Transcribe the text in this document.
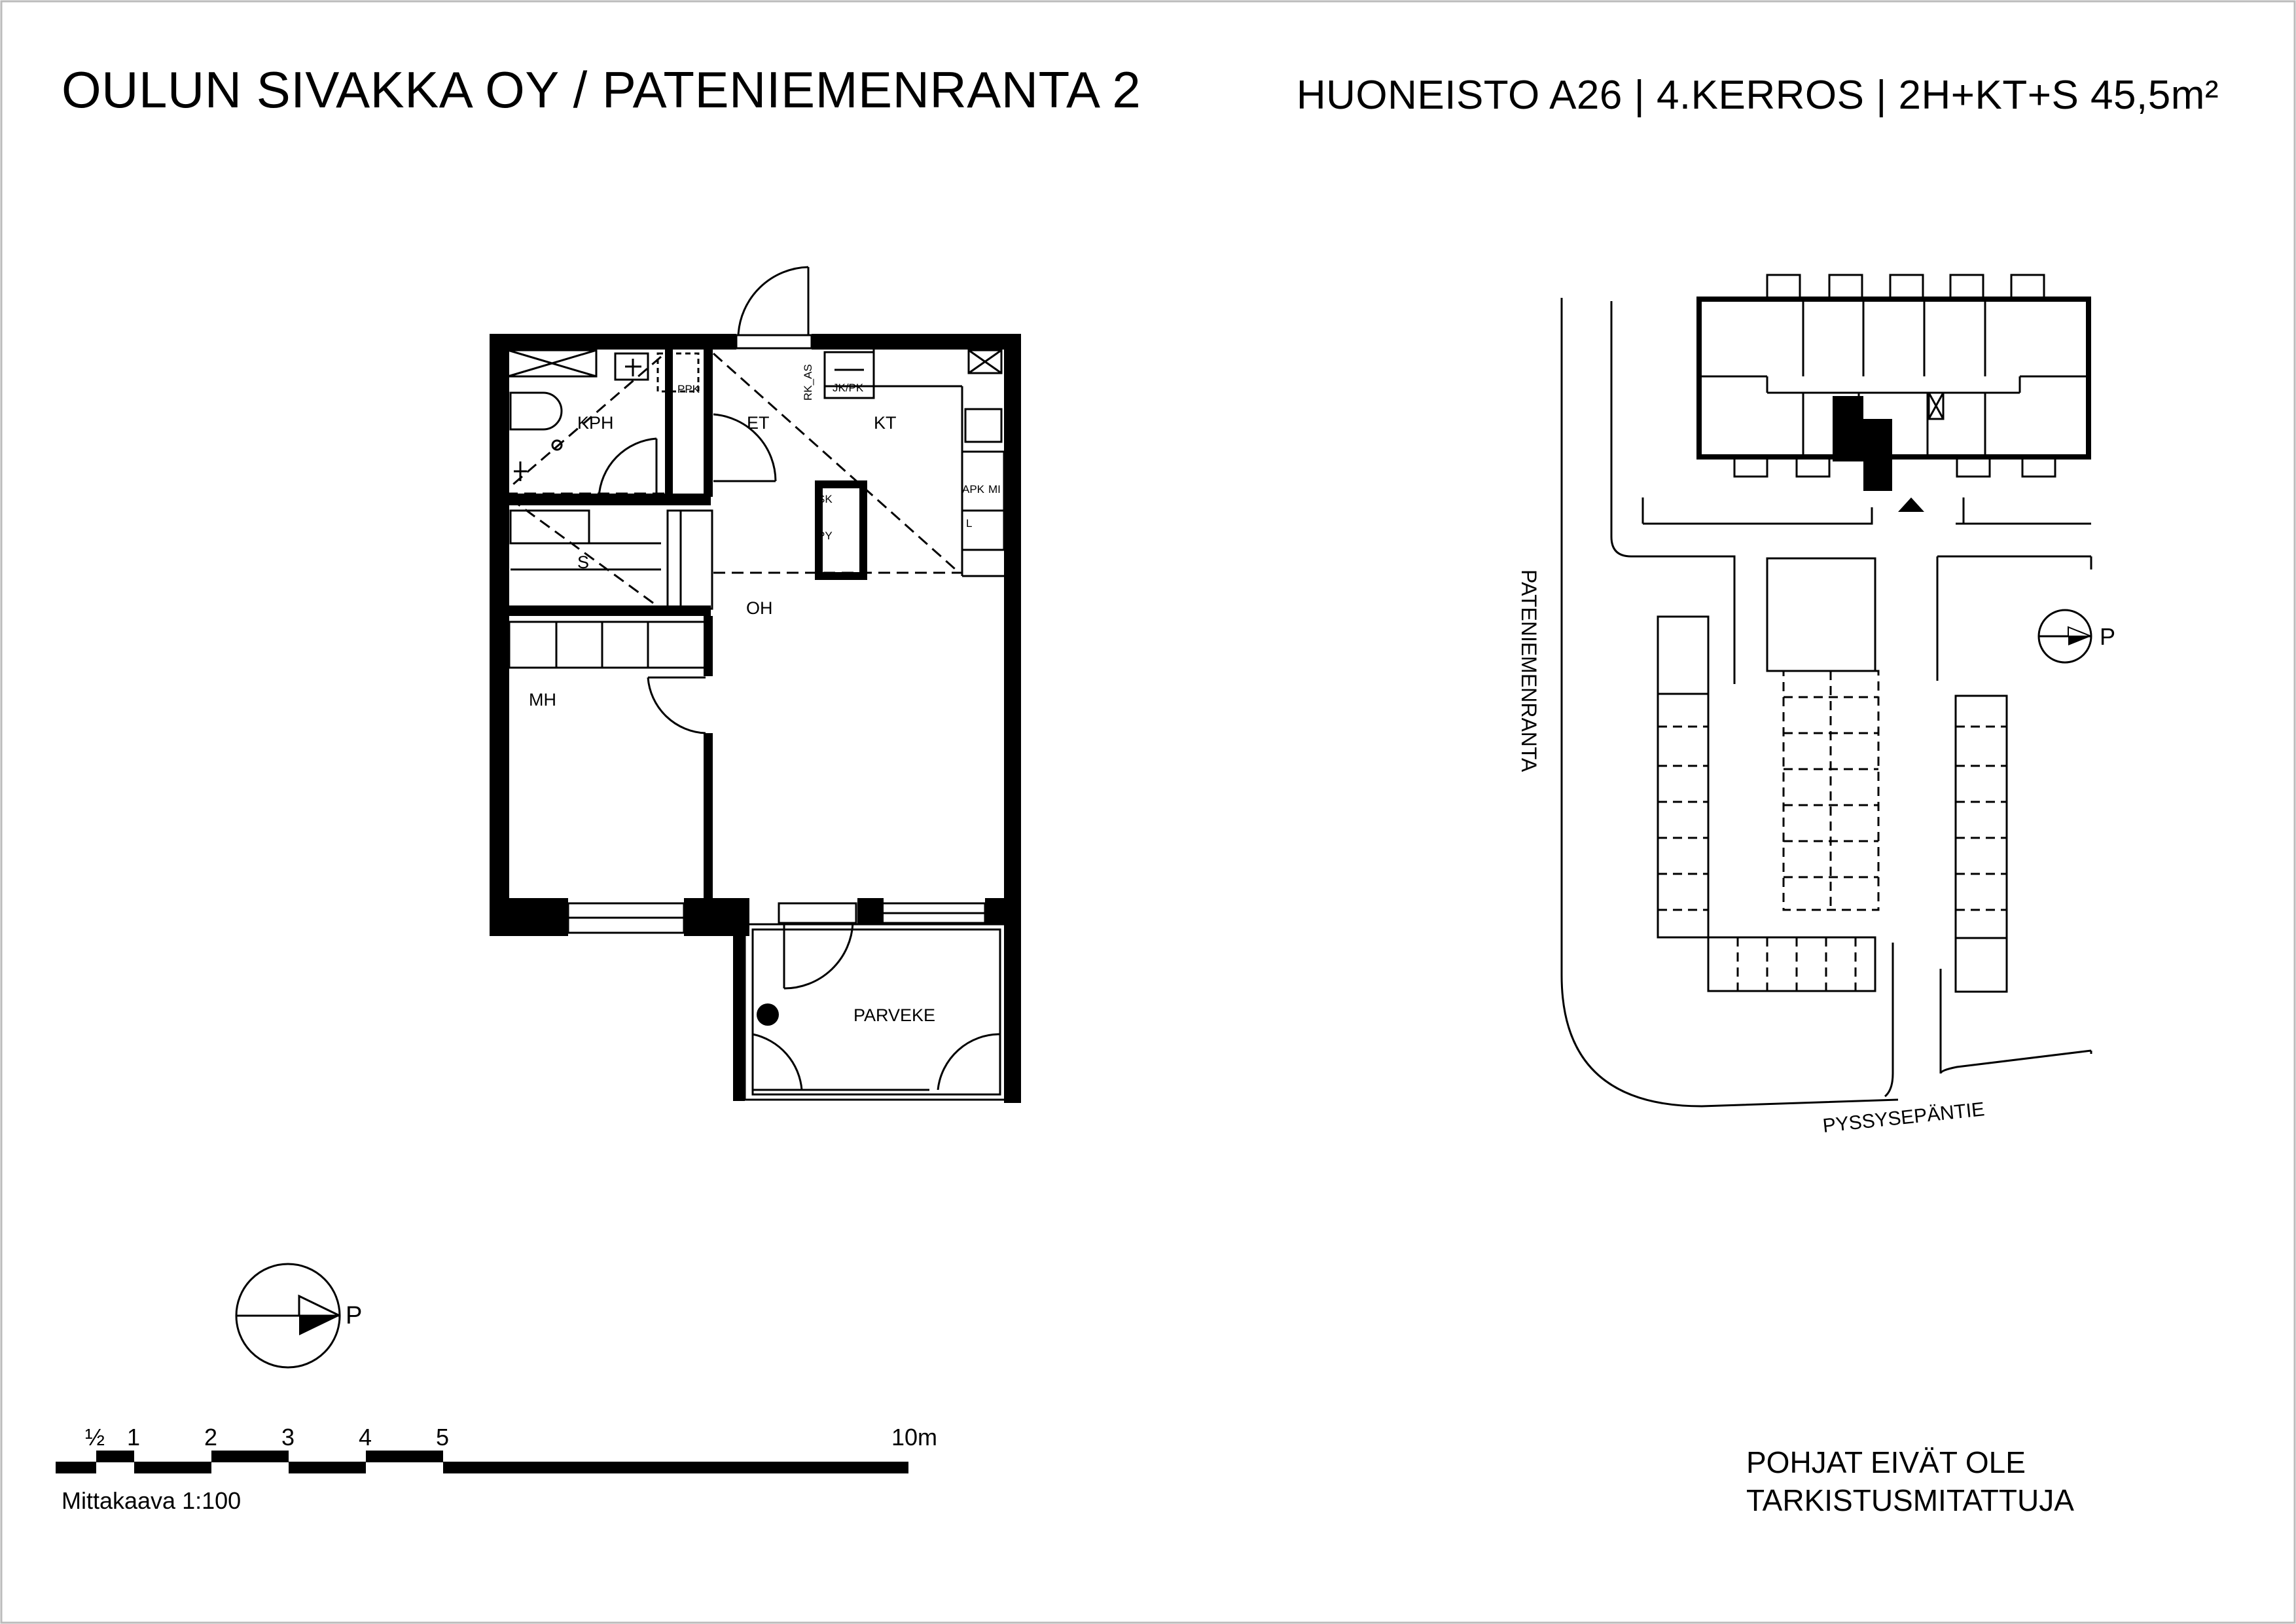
OULUN SIVAKKA OY / PATENIEMENRANTA 2	HUONEISTO A26 | 4.KERROS | 2H+KT+S 45,5m²
KPH	ET	KT
OH
MH
PARVEKE
S
SK
PY
PPK	JK/PK
APK MI
L
RK_AS
P
½ 1	2	3	4	5	10m
Mittakaava 1:100
P
PATENIEMENRANTA
PYSSYSEPÄNTIE
POHJAT EIVÄT OLE
TARKISTUSMITATTUJA
